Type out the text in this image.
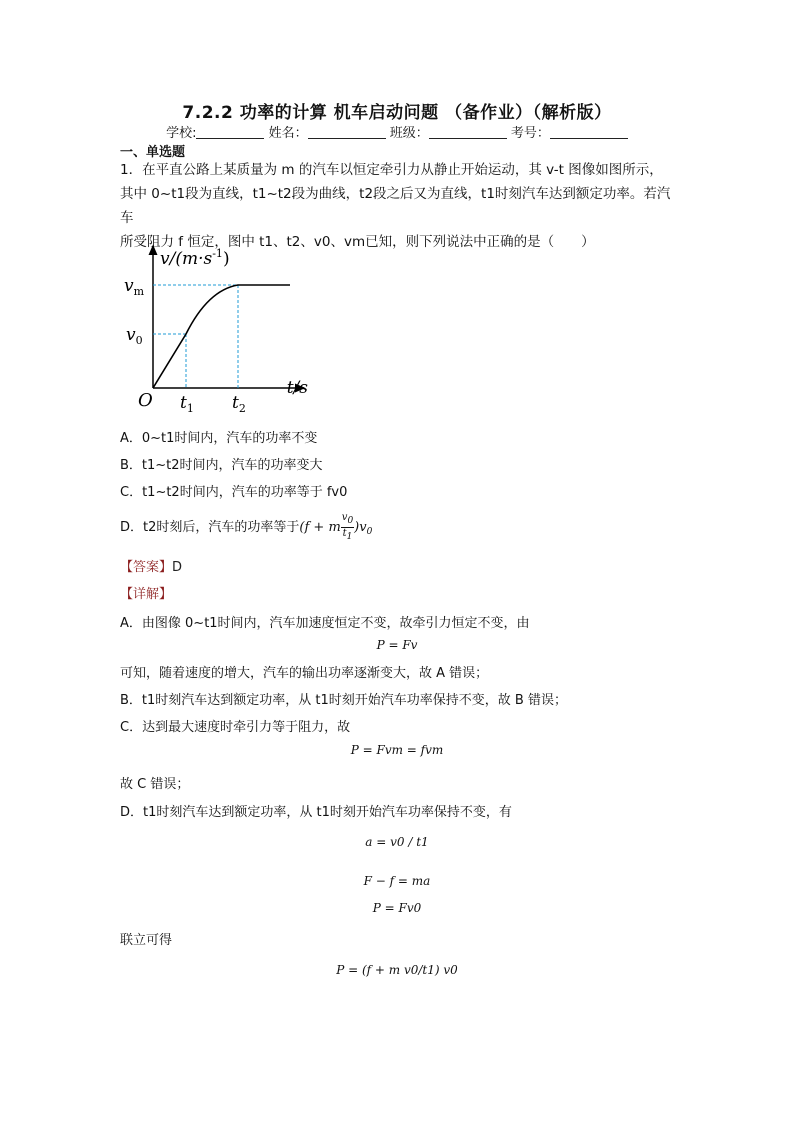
7.2.2 功率的计算 机车启动问题 （备作业）（解析版）
学校:	姓名：	班级：	考号：
一、单选题
1．在平直公路上某质量为 m 的汽车以恒定牵引力从静止开始运动，其 v-t 图像如图所示，
其中 0~t1段为直线，t1~t2段为曲线，t2段之后又为直线，t1时刻汽车达到额定功率。若汽车
所受阻力 f 恒定，图中 t1、t2、v0、vm已知，则下列说法中正确的是（　　）
$v/(m\cdot s^{-1})$
$v_m$
$v_0$
O $t_1$ $t_2$
t/s
A．0~t1时间内，汽车的功率不变
B．t1~t2时间内，汽车的功率变大
C．t1~t2时间内，汽车的功率等于 fv0
D．t2时刻后，汽车的功率等于(f + m $\frac{v0}{t1} )v_0$
【答案】D
【详解】
A．由图像 0~t1时间内，汽车加速度恒定不变，故牵引力恒定不变，由
P = Fv
可知，随着速度的增大，汽车的输出功率逐渐变大，故 A 错误；
B．t1时刻汽车达到额定功率，从 t1时刻开始汽车功率保持不变，故 B 错误；
C．达到最大速度时牵引力等于阻力，故
P = Fvm = fvm
故 C 错误；
D．t1时刻汽车达到额定功率，从 t1时刻开始汽车功率保持不变，有
a = v0 / t1
F − f = ma
P = Fv0
联立可得
P = (f + m v0/t1) v0
